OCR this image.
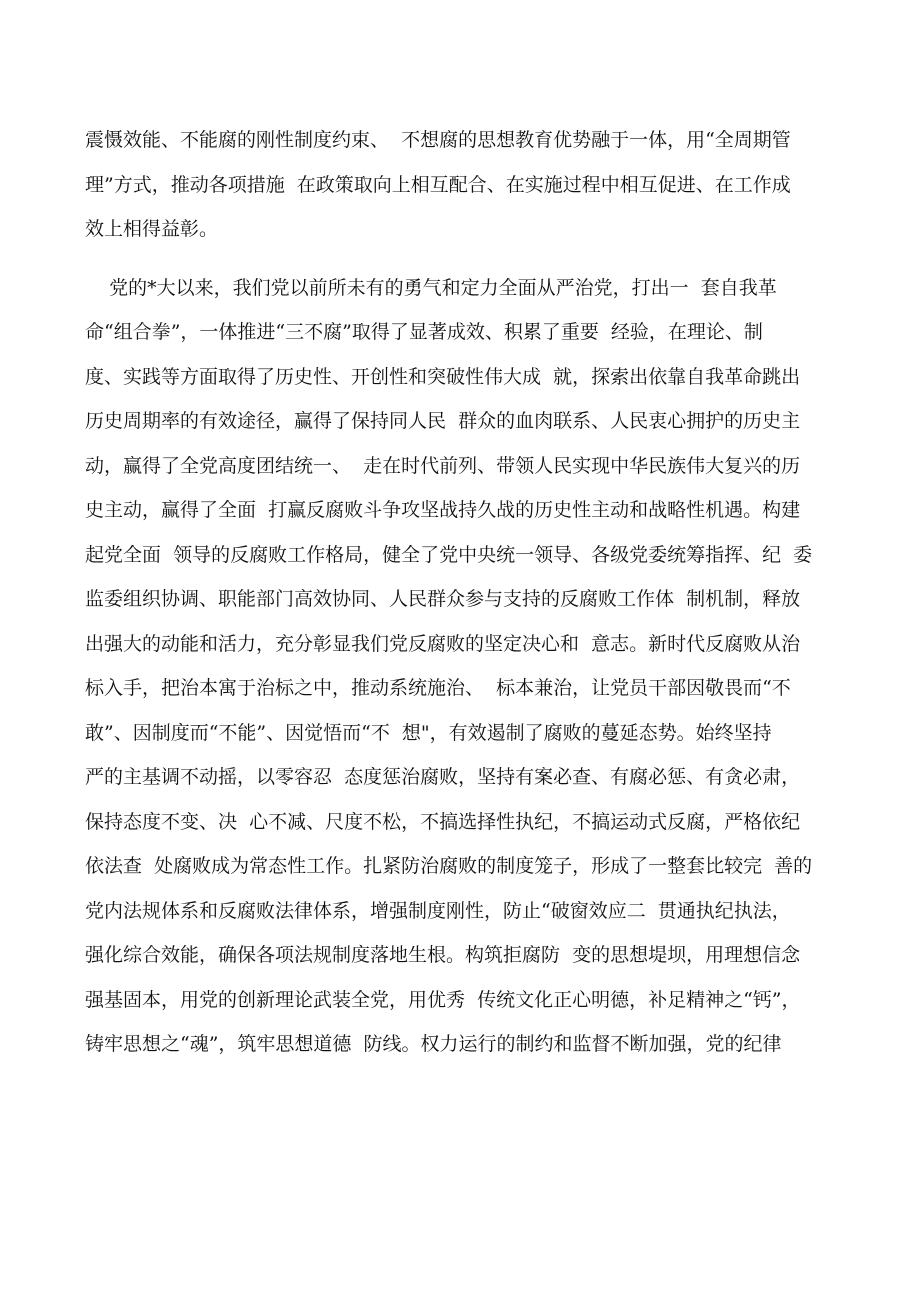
震慑效能、不能腐的刚性制度约束、  不想腐的思想教育优势融于一体，用“全周期管
理”方式，推动各项措施  在政策取向上相互配合、在实施过程中相互促进、在工作成
效上相得益彰。
党的*大以来，我们党以前所未有的勇气和定力全面从严治党，打出一  套自我革
命“组合拳”，一体推进“三不腐”取得了显著成效、积累了重要  经验，在理论、制
度、实践等方面取得了历史性、开创性和突破性伟大成  就，探索出依靠自我革命跳出
历史周期率的有效途径，赢得了保持同人民  群众的血肉联系、人民衷心拥护的历史主
动，赢得了全党高度团结统一、  走在时代前列、带领人民实现中华民族伟大复兴的历
史主动，赢得了全面  打赢反腐败斗争攻坚战持久战的历史性主动和战略性机遇。构建
起党全面  领导的反腐败工作格局，健全了党中央统一领导、各级党委统筹指挥、纪  委
监委组织协调、职能部门高效协同、人民群众参与支持的反腐败工作体  制机制，释放
出强大的动能和活力，充分彰显我们党反腐败的坚定决心和  意志。新时代反腐败从治
标入手，把治本寓于治标之中，推动系统施治、  标本兼治，让党员干部因敬畏而“不
敢”、因制度而“不能”、因觉悟而“不  想"，有效遏制了腐败的蔓延态势。始终坚持
严的主基调不动摇，以零容忍  态度惩治腐败，坚持有案必查、有腐必惩、有贪必肃，
保持态度不变、决  心不减、尺度不松，不搞选择性执纪，不搞运动式反腐，严格依纪
依法查  处腐败成为常态性工作。扎紧防治腐败的制度笼子，形成了一整套比较完  善的
党内法规体系和反腐败法律体系，增强制度刚性，防止“破窗效应二  贯通执纪执法，
强化综合效能，确保各项法规制度落地生根。构筑拒腐防  变的思想堤坝，用理想信念
强基固本，用党的创新理论武装全党，用优秀  传统文化正心明德，补足精神之“钙”，
铸牢思想之“魂”，筑牢思想道德  防线。权力运行的制约和监督不断加强，党的纪律
